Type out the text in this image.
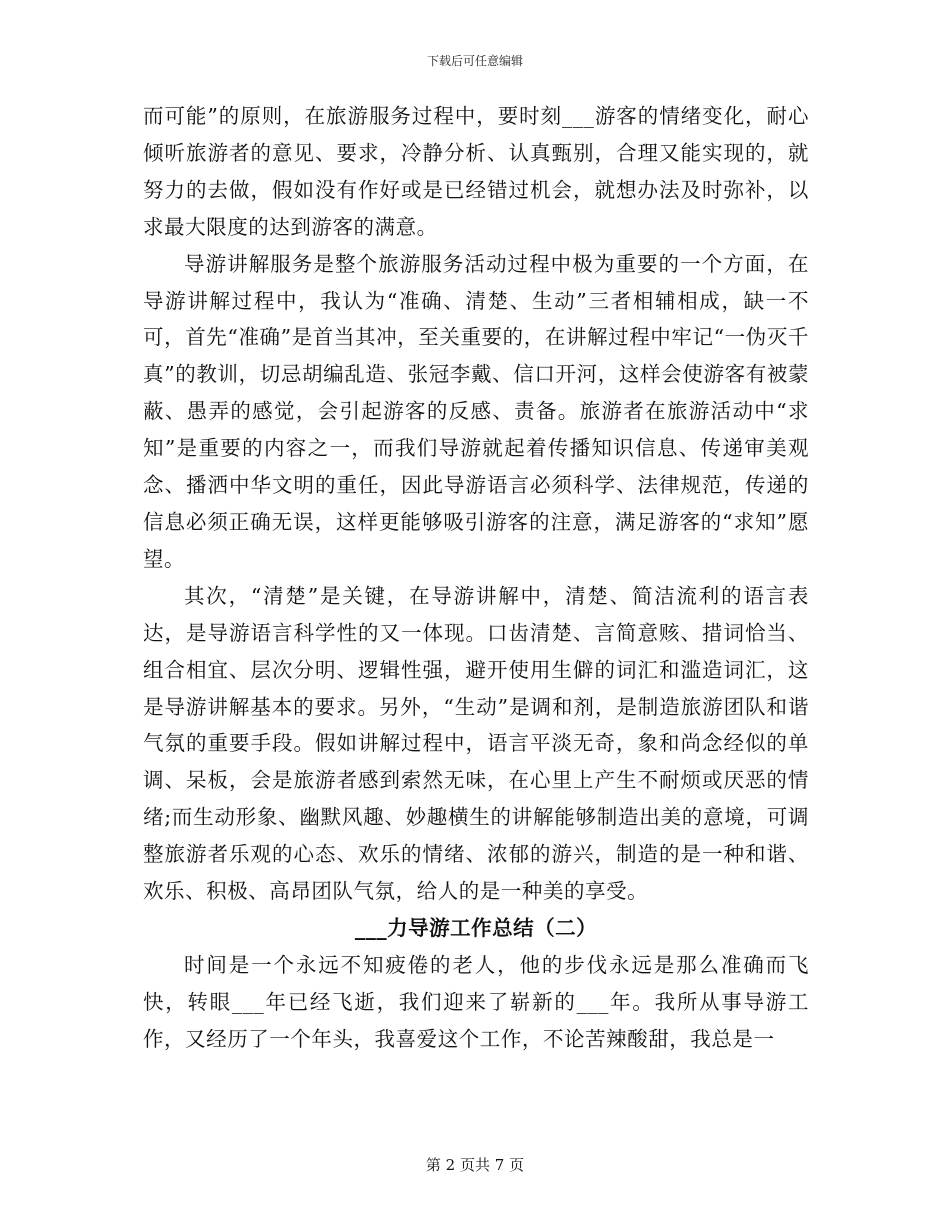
下载后可任意编辑

而可能”的原则，在旅游服务过程中，要时刻___游客的情绪变化，耐心倾听旅游者的意见、要求，冷静分析、认真甄别，合理又能实现的，就努力的去做，假如没有作好或是已经错过机会，就想办法及时弥补，以求最大限度的达到游客的满意。

导游讲解服务是整个旅游服务活动过程中极为重要的一个方面，在导游讲解过程中，我认为“准确、清楚、生动”三者相辅相成，缺一不可，首先“准确”是首当其冲，至关重要的，在讲解过程中牢记“一伪灭千真”的教训，切忌胡编乱造、张冠李戴、信口开河，这样会使游客有被蒙蔽、愚弄的感觉，会引起游客的反感、责备。旅游者在旅游活动中“求知”是重要的内容之一，而我们导游就起着传播知识信息、传递审美观念、播洒中华文明的重任，因此导游语言必须科学、法律规范，传递的信息必须正确无误，这样更能够吸引游客的注意，满足游客的“求知”愿望。

其次，“清楚”是关键，在导游讲解中，清楚、简洁流利的语言表达，是导游语言科学性的又一体现。口齿清楚、言简意赅、措词恰当、组合相宜、层次分明、逻辑性强，避开使用生僻的词汇和滥造词汇，这是导游讲解基本的要求。另外，“生动”是调和剂，是制造旅游团队和谐气氛的重要手段。假如讲解过程中，语言平淡无奇，象和尚念经似的单调、呆板，会是旅游者感到索然无味，在心里上产生不耐烦或厌恶的情绪;而生动形象、幽默风趣、妙趣横生的讲解能够制造出美的意境，可调整旅游者乐观的心态、欢乐的情绪、浓郁的游兴，制造的是一种和谐、欢乐、积极、高昂团队气氛，给人的是一种美的享受。

___力导游工作总结（二）

时间是一个永远不知疲倦的老人，他的步伐永远是那么准确而飞快，转眼___年已经飞逝，我们迎来了崭新的___年。我所从事导游工作，又经历了一个年头，我喜爱这个工作，不论苦辣酸甜，我总是一

第 2 页共 7 页
